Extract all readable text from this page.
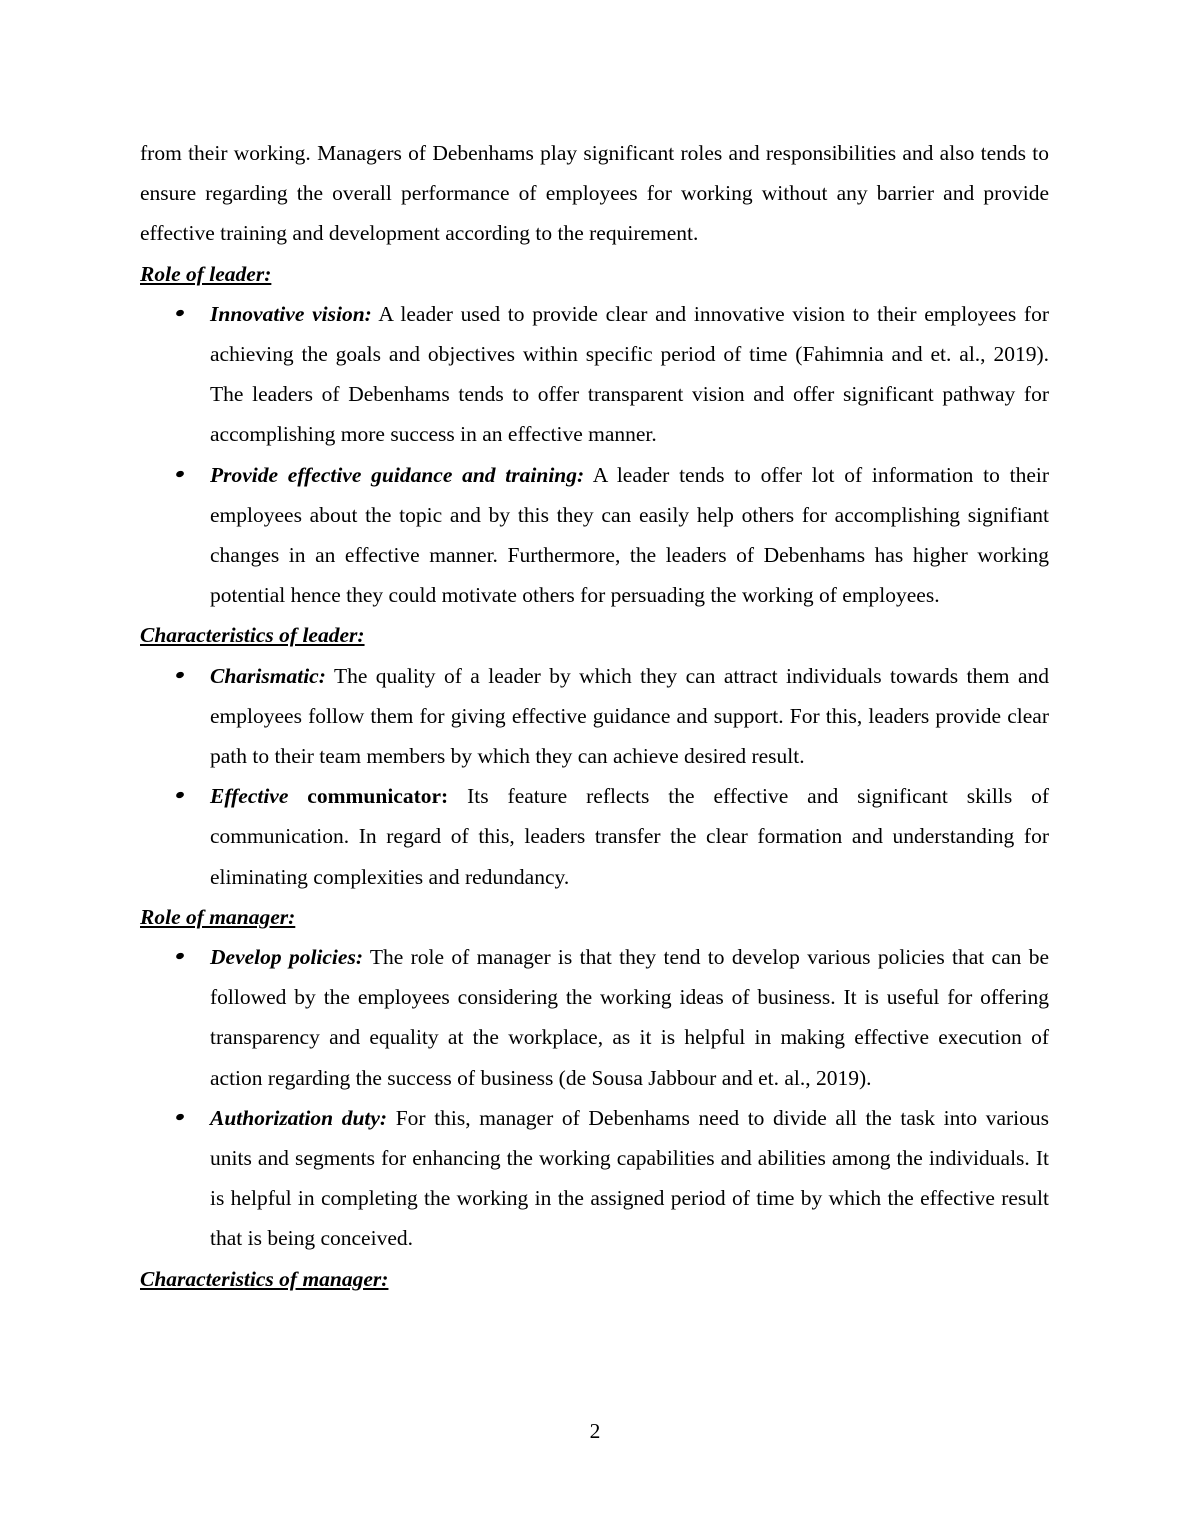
from their working. Managers of Debenhams play significant roles and responsibilities and also tends to ensure regarding the overall performance of employees for working without any barrier and provide effective training and development according to the requirement.

Role of leader:
Innovative vision: A leader used to provide clear and innovative vision to their employees for achieving the goals and objectives within specific period of time (Fahimnia and et. al., 2019). The leaders of Debenhams tends to offer transparent vision and offer significant pathway for accomplishing more success in an effective manner.
Provide effective guidance and training: A leader tends to offer lot of information to their employees about the topic and by this they can easily help others for accomplishing signifiant changes in an effective manner. Furthermore, the leaders of Debenhams has higher working potential hence they could motivate others for persuading the working of employees.
Characteristics of leader:
Charismatic: The quality of a leader by which they can attract individuals towards them and employees follow them for giving effective guidance and support. For this, leaders provide clear path to their team members by which they can achieve desired result.
Effective communicator: Its feature reflects the effective and significant skills of communication. In regard of this, leaders transfer the clear formation and understanding for eliminating complexities and redundancy.
Role of manager:
Develop policies: The role of manager is that they tend to develop various policies that can be followed by the employees considering the working ideas of business. It is useful for offering transparency and equality at the workplace, as it is helpful in making effective execution of action regarding the success of business (de Sousa Jabbour and et. al., 2019).
Authorization duty: For this, manager of Debenhams need to divide all the task into various units and segments for enhancing the working capabilities and abilities among the individuals. It is helpful in completing the working in the assigned period of time by which the effective result that is being conceived.
Characteristics of manager:
2
